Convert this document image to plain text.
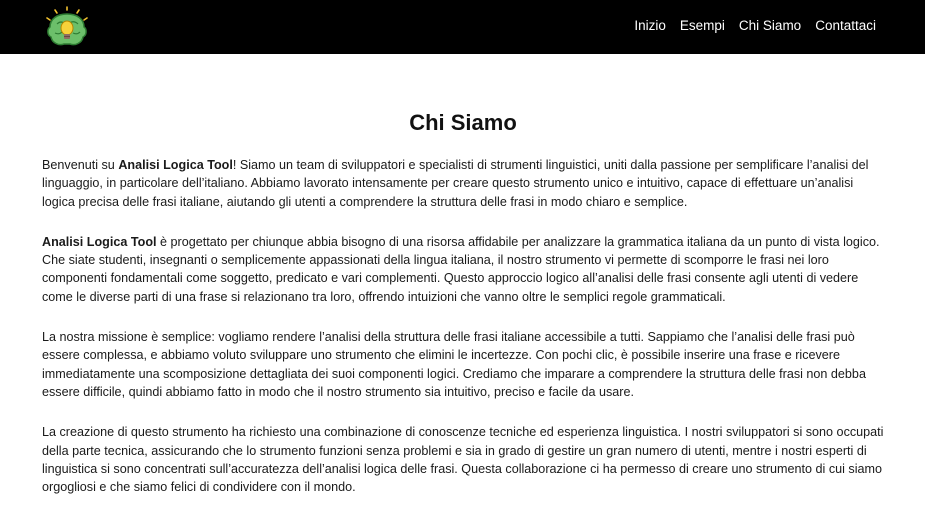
Inizio Esempi Chi Siamo Contattaci
Chi Siamo

Benvenuti su Analisi Logica Tool! Siamo un team di sviluppatori e specialisti di strumenti linguistici, uniti dalla passione per semplificare l’analisi del linguaggio, in particolare dell’italiano. Abbiamo lavorato intensamente per creare questo strumento unico e intuitivo, capace di effettuare un’analisi logica precisa delle frasi italiane, aiutando gli utenti a comprendere la struttura delle frasi in modo chiaro e semplice.

Analisi Logica Tool è progettato per chiunque abbia bisogno di una risorsa affidabile per analizzare la grammatica italiana da un punto di vista logico. Che siate studenti, insegnanti o semplicemente appassionati della lingua italiana, il nostro strumento vi permette di scomporre le frasi nei loro componenti fondamentali come soggetto, predicato e vari complementi. Questo approccio logico all’analisi delle frasi consente agli utenti di vedere come le diverse parti di una frase si relazionano tra loro, offrendo intuizioni che vanno oltre le semplici regole grammaticali.

La nostra missione è semplice: vogliamo rendere l’analisi della struttura delle frasi italiane accessibile a tutti. Sappiamo che l’analisi delle frasi può essere complessa, e abbiamo voluto sviluppare uno strumento che elimini le incertezze. Con pochi clic, è possibile inserire una frase e ricevere immediatamente una scomposizione dettagliata dei suoi componenti logici. Crediamo che imparare a comprendere la struttura delle frasi non debba essere difficile, quindi abbiamo fatto in modo che il nostro strumento sia intuitivo, preciso e facile da usare.

La creazione di questo strumento ha richiesto una combinazione di conoscenze tecniche ed esperienza linguistica. I nostri sviluppatori si sono occupati della parte tecnica, assicurando che lo strumento funzioni senza problemi e sia in grado di gestire un gran numero di utenti, mentre i nostri esperti di linguistica si sono concentrati sull’accuratezza dell’analisi logica delle frasi. Questa collaborazione ci ha permesso di creare uno strumento di cui siamo orgogliosi e che siamo felici di condividere con il mondo.
